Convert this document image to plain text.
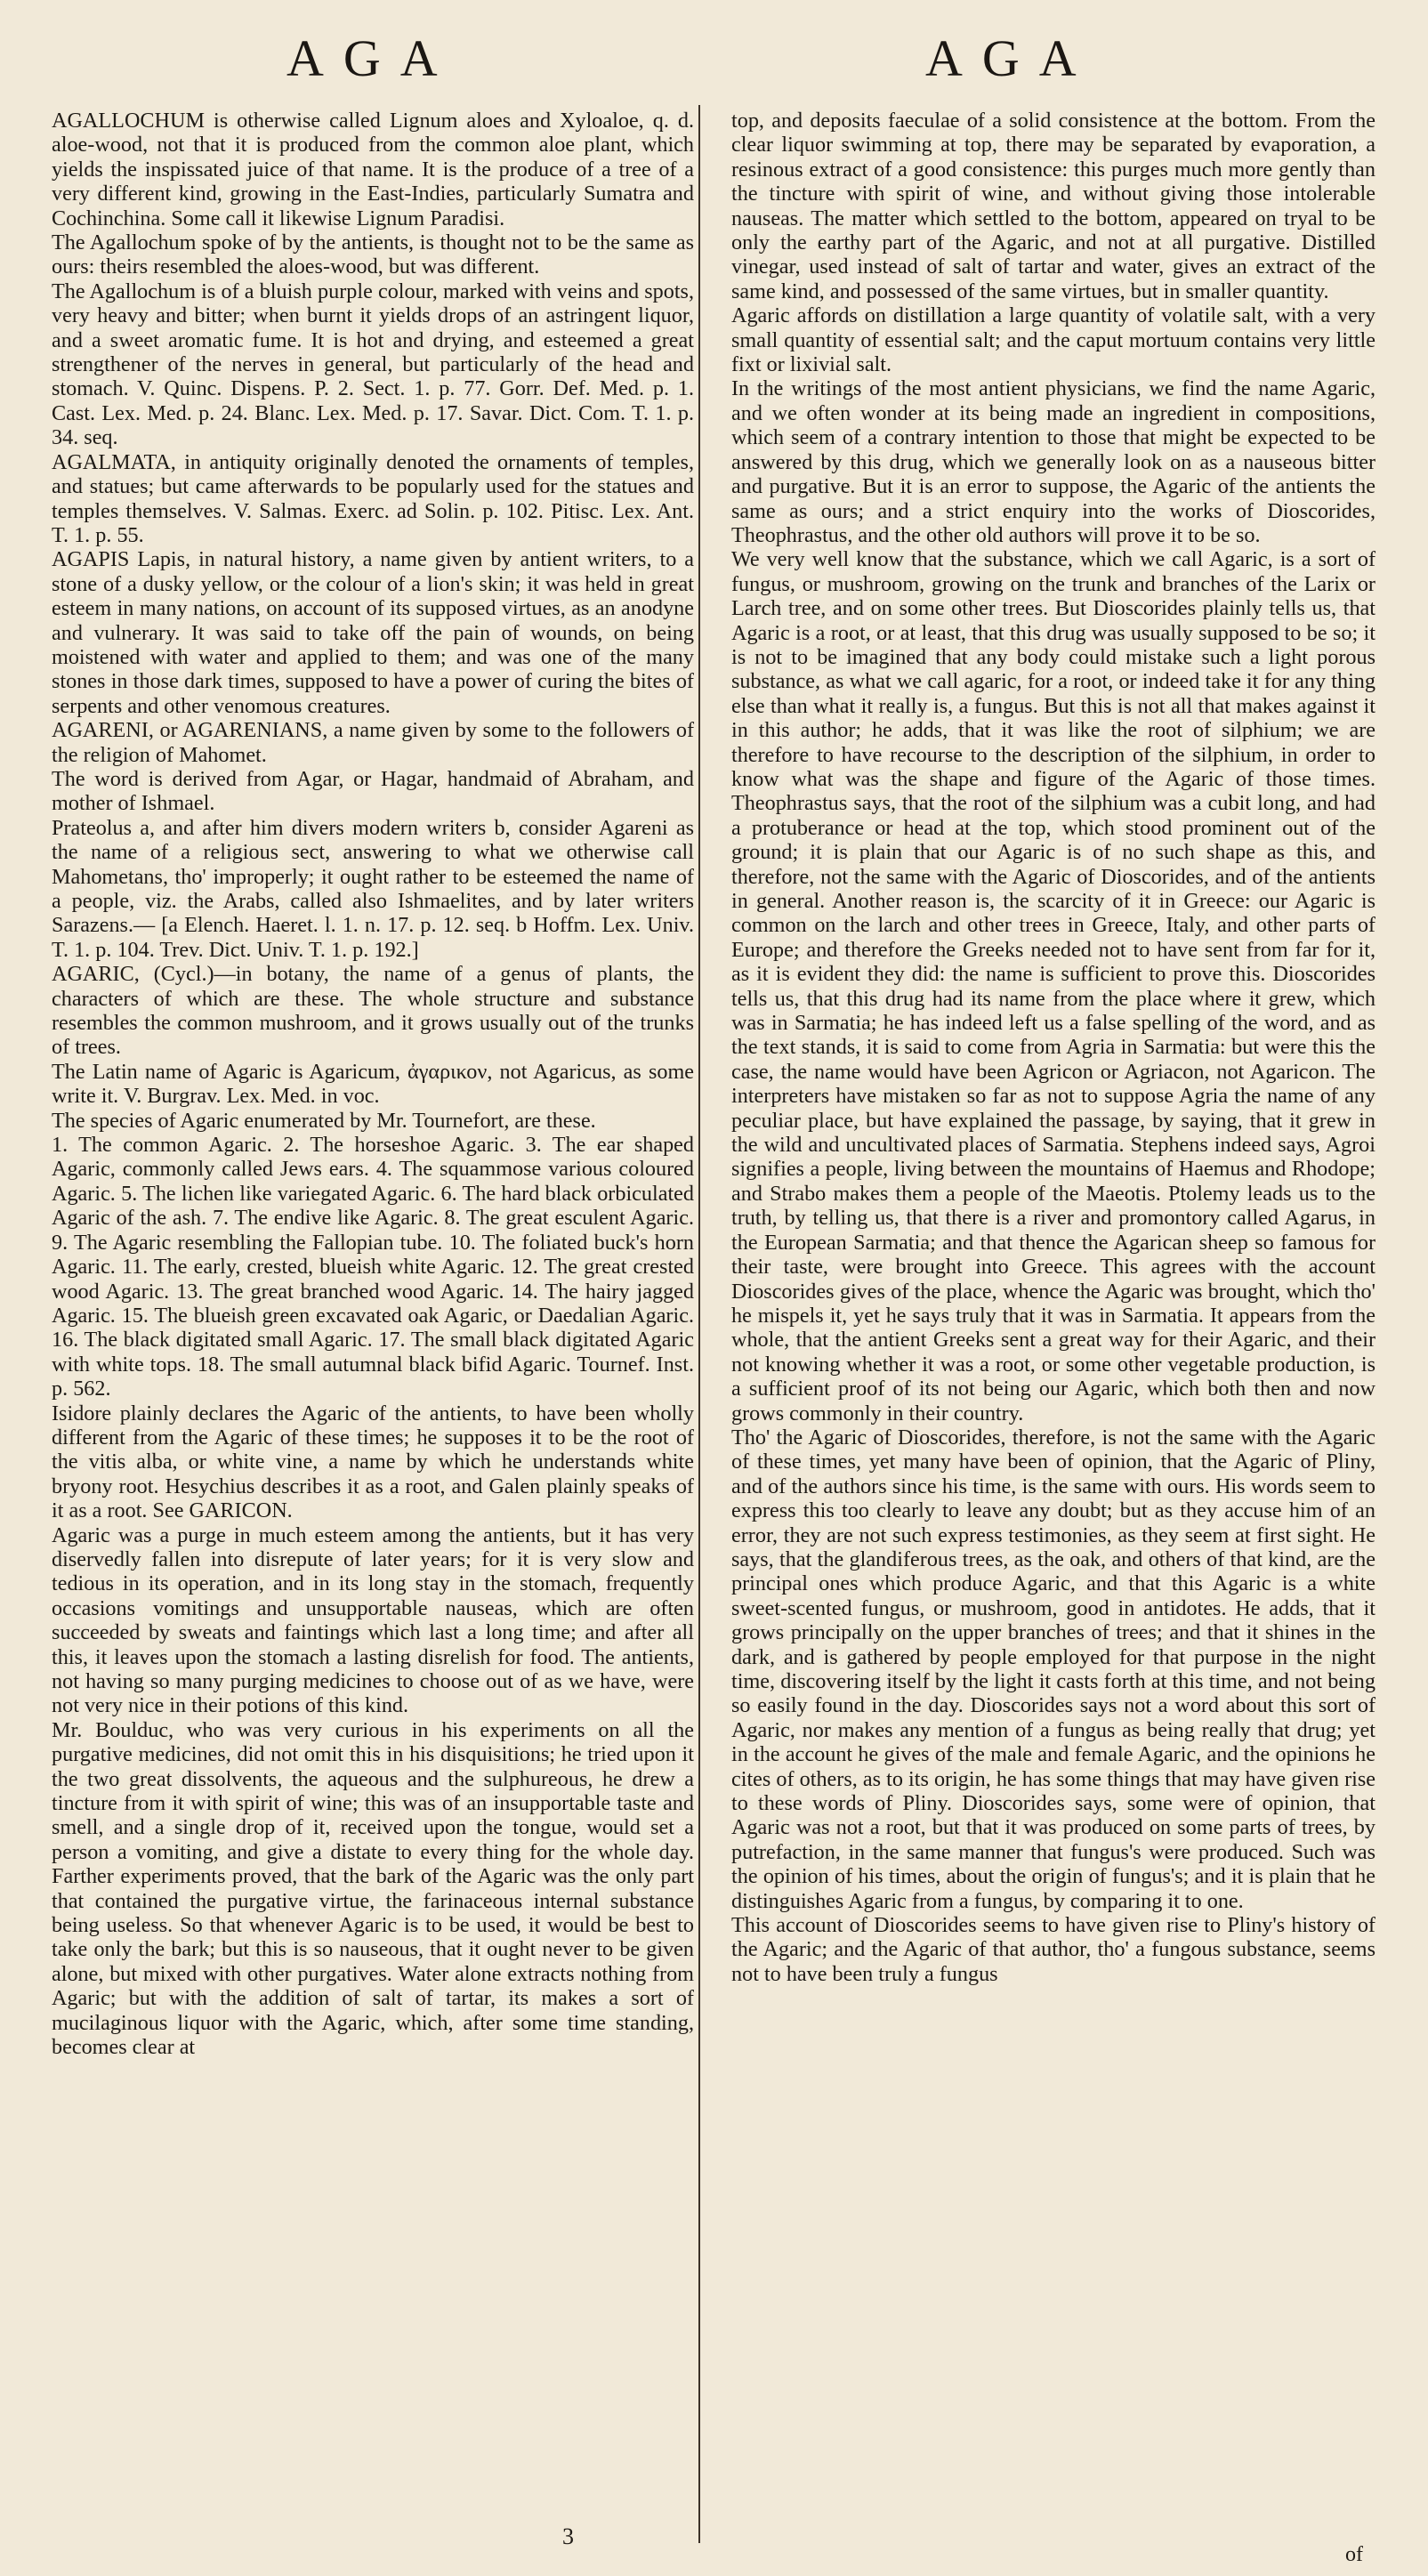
AGA	AGA

AGALLOCHUM is otherwise called Lignum aloes and Xyloaloe, q. d. aloe-wood, not that it is produced from the common aloe plant, which yields the inspissated juice of that name. It is the produce of a tree of a very different kind, growing in the East-Indies, particularly Sumatra and Cochinchina. Some call it likewise Lignum Paradisi.

The Agallochum spoke of by the antients, is thought not to be the same as ours: theirs resembled the aloes-wood, but was different.

The Agallochum is of a bluish purple colour, marked with veins and spots, very heavy and bitter; when burnt it yields drops of an astringent liquor, and a sweet aromatic fume. It is hot and drying, and esteemed a great strengthener of the nerves in general, but particularly of the head and stomach. V. Quinc. Dispens. P. 2. Sect. 1. p. 77. Gorr. Def. Med. p. 1. Cast. Lex. Med. p. 24. Blanc. Lex. Med. p. 17. Savar. Dict. Com. T. 1. p. 34. seq.

AGALMATA, in antiquity originally denoted the ornaments of temples, and statues; but came afterwards to be popularly used for the statues and temples themselves. V. Salmas. Exerc. ad Solin. p. 102. Pitisc. Lex. Ant. T. 1. p. 55.

AGAPIS Lapis, in natural history, a name given by antient writers, to a stone of a dusky yellow, or the colour of a lion's skin; it was held in great esteem in many nations, on account of its supposed virtues, as an anodyne and vulnerary. It was said to take off the pain of wounds, on being moistened with water and applied to them; and was one of the many stones in those dark times, supposed to have a power of curing the bites of serpents and other venomous creatures.

AGARENI, or AGARENIANS, a name given by some to the followers of the religion of Mahomet.

The word is derived from Agar, or Hagar, handmaid of Abraham, and mother of Ishmael.

Prateolus a, and after him divers modern writers b, consider Agareni as the name of a religious sect, answering to what we otherwise call Mahometans, tho' improperly; it ought rather to be esteemed the name of a people, viz. the Arabs, called also Ishmaelites, and by later writers Sarazens.— [a Elench. Haeret. l. 1. n. 17. p. 12. seq. b Hoffm. Lex. Univ. T. 1. p. 104. Trev. Dict. Univ. T. 1. p. 192.]

AGARIC, (Cycl.)—in botany, the name of a genus of plants, the characters of which are these. The whole structure and substance resembles the common mushroom, and it grows usually out of the trunks of trees.

The Latin name of Agaric is Agaricum, ἀγαρικον, not Agaricus, as some write it. V. Burgrav. Lex. Med. in voc.

The species of Agaric enumerated by Mr. Tournefort, are these.

1. The common Agaric. 2. The horseshoe Agaric. 3. The ear shaped Agaric, commonly called Jews ears. 4. The squammose various coloured Agaric. 5. The lichen like variegated Agaric. 6. The hard black orbiculated Agaric of the ash. 7. The endive like Agaric. 8. The great esculent Agaric. 9. The Agaric resembling the Fallopian tube. 10. The foliated buck's horn Agaric. 11. The early, crested, blueish white Agaric. 12. The great crested wood Agaric. 13. The great branched wood Agaric. 14. The hairy jagged Agaric. 15. The blueish green excavated oak Agaric, or Daedalian Agaric. 16. The black digitated small Agaric. 17. The small black digitated Agaric with white tops. 18. The small autumnal black bifid Agaric. Tournef. Inst. p. 562.

Isidore plainly declares the Agaric of the antients, to have been wholly different from the Agaric of these times; he supposes it to be the root of the vitis alba, or white vine, a name by which he understands white bryony root. Hesychius describes it as a root, and Galen plainly speaks of it as a root. See GARICON.

Agaric was a purge in much esteem among the antients, but it has very diservedly fallen into disrepute of later years; for it is very slow and tedious in its operation, and in its long stay in the stomach, frequently occasions vomitings and unsupportable nauseas, which are often succeeded by sweats and faintings which last a long time; and after all this, it leaves upon the stomach a lasting disrelish for food. The antients, not having so many purging medicines to choose out of as we have, were not very nice in their potions of this kind.

Mr. Boulduc, who was very curious in his experiments on all the purgative medicines, did not omit this in his disquisitions; he tried upon it the two great dissolvents, the aqueous and the sulphureous, he drew a tincture from it with spirit of wine; this was of an insupportable taste and smell, and a single drop of it, received upon the tongue, would set a person a vomiting, and give a distate to every thing for the whole day. Farther experiments proved, that the bark of the Agaric was the only part that contained the purgative virtue, the farinaceous internal substance being useless. So that whenever Agaric is to be used, it would be best to take only the bark; but this is so nauseous, that it ought never to be given alone, but mixed with other purgatives. Water alone extracts nothing from Agaric; but with the addition of salt of tartar, its makes a sort of mucilaginous liquor with the Agaric, which, after some time standing, becomes clear at

top, and deposits faeculae of a solid consistence at the bottom. From the clear liquor swimming at top, there may be separated by evaporation, a resinous extract of a good consistence: this purges much more gently than the tincture with spirit of wine, and without giving those intolerable nauseas. The matter which settled to the bottom, appeared on tryal to be only the earthy part of the Agaric, and not at all purgative. Distilled vinegar, used instead of salt of tartar and water, gives an extract of the same kind, and possessed of the same virtues, but in smaller quantity.

Agaric affords on distillation a large quantity of volatile salt, with a very small quantity of essential salt; and the caput mortuum contains very little fixt or lixivial salt.

In the writings of the most antient physicians, we find the name Agaric, and we often wonder at its being made an ingredient in compositions, which seem of a contrary intention to those that might be expected to be answered by this drug, which we generally look on as a nauseous bitter and purgative. But it is an error to suppose, the Agaric of the antients the same as ours; and a strict enquiry into the works of Dioscorides, Theophrastus, and the other old authors will prove it to be so.

We very well know that the substance, which we call Agaric, is a sort of fungus, or mushroom, growing on the trunk and branches of the Larix or Larch tree, and on some other trees. But Dioscorides plainly tells us, that Agaric is a root, or at least, that this drug was usually supposed to be so; it is not to be imagined that any body could mistake such a light porous substance, as what we call agaric, for a root, or indeed take it for any thing else than what it really is, a fungus. But this is not all that makes against it in this author; he adds, that it was like the root of silphium; we are therefore to have recourse to the description of the silphium, in order to know what was the shape and figure of the Agaric of those times. Theophrastus says, that the root of the silphium was a cubit long, and had a protuberance or head at the top, which stood prominent out of the ground; it is plain that our Agaric is of no such shape as this, and therefore, not the same with the Agaric of Dioscorides, and of the antients in general. Another reason is, the scarcity of it in Greece: our Agaric is common on the larch and other trees in Greece, Italy, and other parts of Europe; and therefore the Greeks needed not to have sent from far for it, as it is evident they did: the name is sufficient to prove this. Dioscorides tells us, that this drug had its name from the place where it grew, which was in Sarmatia; he has indeed left us a false spelling of the word, and as the text stands, it is said to come from Agria in Sarmatia: but were this the case, the name would have been Agricon or Agriacon, not Agaricon. The interpreters have mistaken so far as not to suppose Agria the name of any peculiar place, but have explained the passage, by saying, that it grew in the wild and uncultivated places of Sarmatia. Stephens indeed says, Agroi signifies a people, living between the mountains of Haemus and Rhodope; and Strabo makes them a people of the Maeotis. Ptolemy leads us to the truth, by telling us, that there is a river and promontory called Agarus, in the European Sarmatia; and that thence the Agarican sheep so famous for their taste, were brought into Greece. This agrees with the account Dioscorides gives of the place, whence the Agaric was brought, which tho' he mispels it, yet he says truly that it was in Sarmatia. It appears from the whole, that the antient Greeks sent a great way for their Agaric, and their not knowing whether it was a root, or some other vegetable production, is a sufficient proof of its not being our Agaric, which both then and now grows commonly in their country.

Tho' the Agaric of Dioscorides, therefore, is not the same with the Agaric of these times, yet many have been of opinion, that the Agaric of Pliny, and of the authors since his time, is the same with ours. His words seem to express this too clearly to leave any doubt; but as they accuse him of an error, they are not such express testimonies, as they seem at first sight. He says, that the glandiferous trees, as the oak, and others of that kind, are the principal ones which produce Agaric, and that this Agaric is a white sweet-scented fungus, or mushroom, good in antidotes. He adds, that it grows principally on the upper branches of trees; and that it shines in the dark, and is gathered by people employed for that purpose in the night time, discovering itself by the light it casts forth at this time, and not being so easily found in the day. Dioscorides says not a word about this sort of Agaric, nor makes any mention of a fungus as being really that drug; yet in the account he gives of the male and female Agaric, and the opinions he cites of others, as to its origin, he has some things that may have given rise to these words of Pliny. Dioscorides says, some were of opinion, that Agaric was not a root, but that it was produced on some parts of trees, by putrefaction, in the same manner that fungus's were produced. Such was the opinion of his times, about the origin of fungus's; and it is plain that he distinguishes Agaric from a fungus, by comparing it to one.

This account of Dioscorides seems to have given rise to Pliny's history of the Agaric; and the Agaric of that author, tho' a fungous substance, seems not to have been truly a fungus

3
of
